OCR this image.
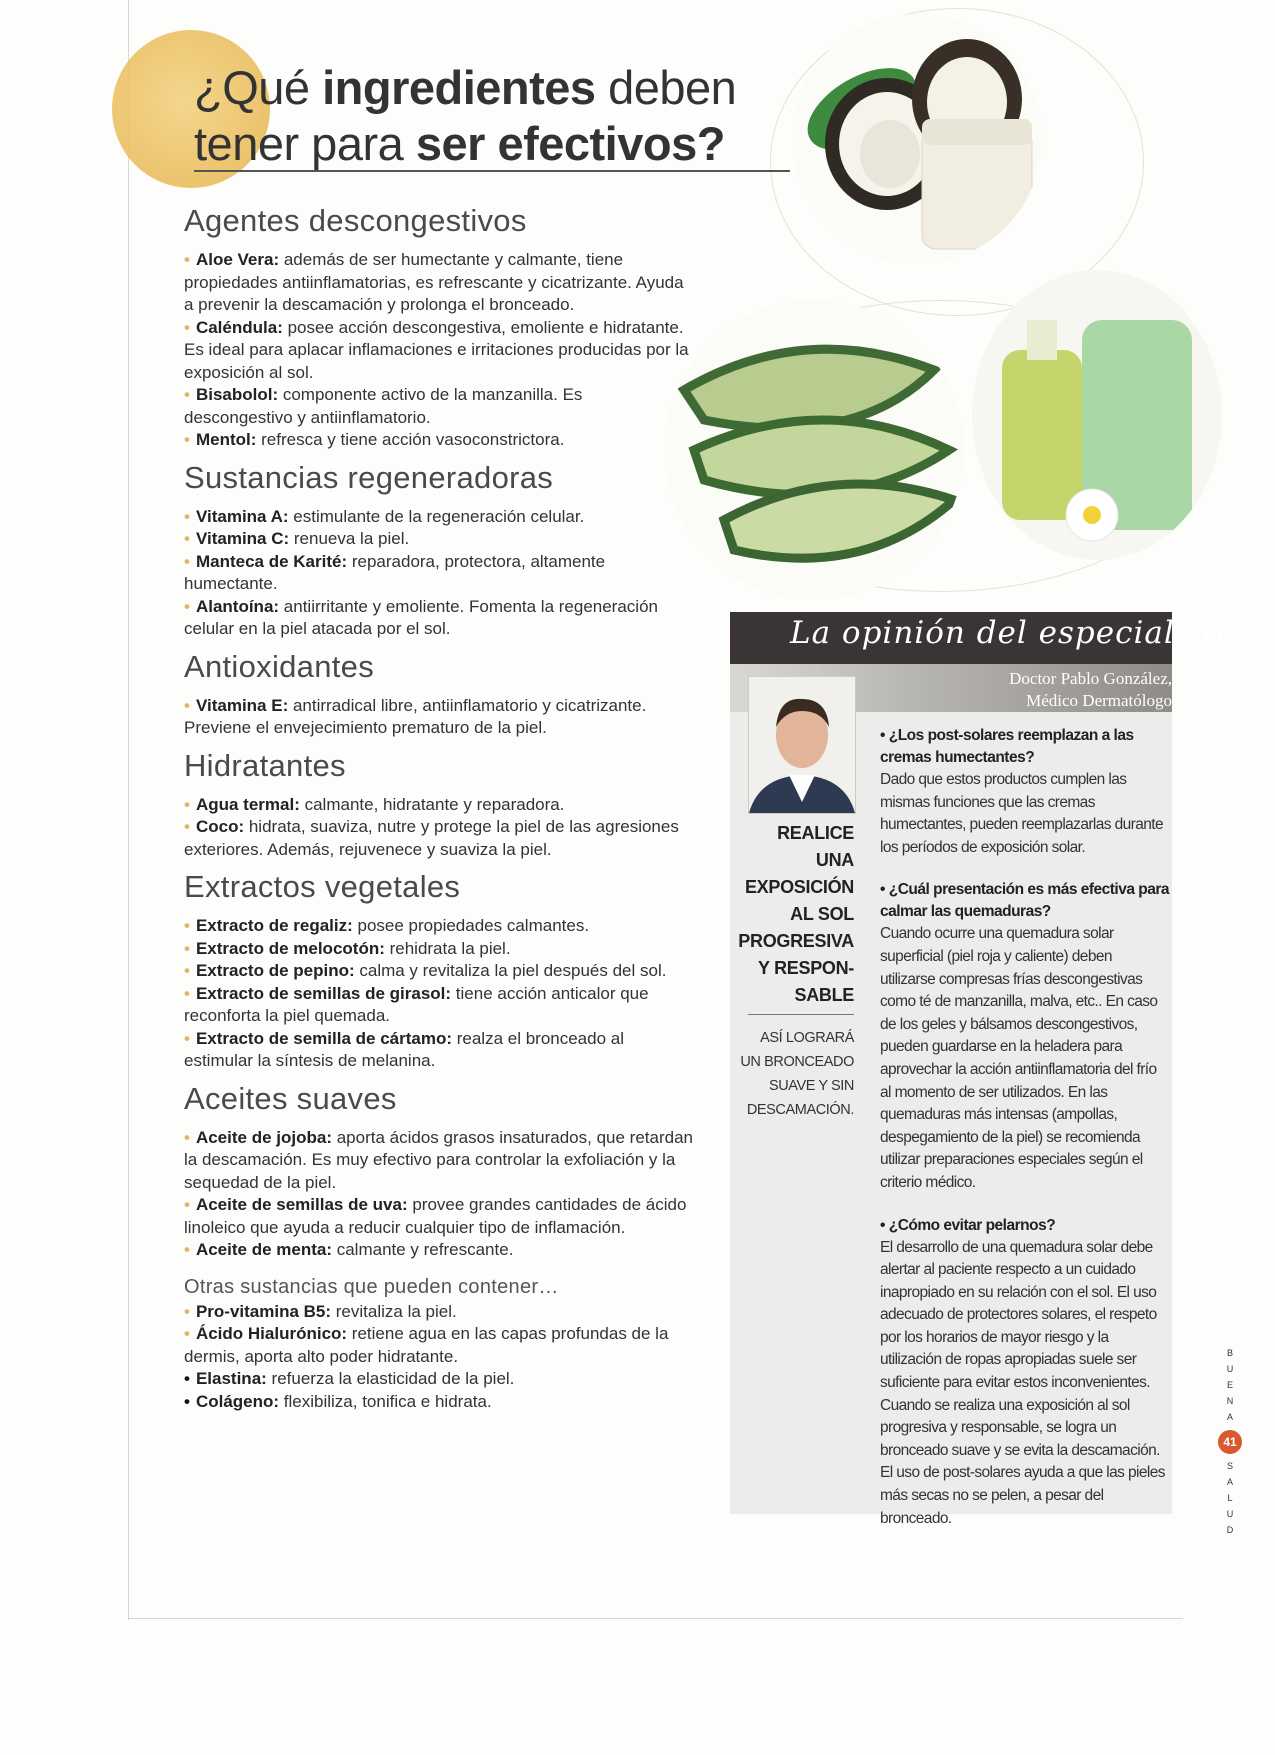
¿Qué ingredientes deben
tener para ser efectivos?
Agentes descongestivos

• Aloe Vera: además de ser humectante y calmante, tiene propiedades antiinflamatorias, es refrescante y cicatrizante. Ayuda a prevenir la descamación y prolonga el bronceado.

• Caléndula: posee acción descongestiva, emoliente e hidratante. Es ideal para aplacar inflamaciones e irritaciones producidas por la exposición al sol.

• Bisabolol: componente activo de la manzanilla. Es descongestivo y antiinflamatorio.

• Mentol: refresca y tiene acción vasoconstrictora.

Sustancias regeneradoras

• Vitamina A: estimulante de la regeneración celular.

• Vitamina C: renueva la piel.

• Manteca de Karité: reparadora, protectora, altamente humectante.

• Alantoína: antiirritante y emoliente. Fomenta la regeneración celular en la piel atacada por el sol.

Antioxidantes

• Vitamina E: antirradical libre, antiinflamatorio y cicatrizante. Previene el envejecimiento prematuro de la piel.

Hidratantes

• Agua termal: calmante, hidratante y reparadora.

• Coco: hidrata, suaviza, nutre y protege la piel de las agresiones exteriores. Además, rejuvenece y suaviza la piel.

Extractos vegetales

• Extracto de regaliz: posee propiedades calmantes.

• Extracto de melocotón: rehidrata la piel.

• Extracto de pepino: calma y revitaliza la piel después del sol.

• Extracto de semillas de girasol: tiene acción anticalor que reconforta la piel quemada.

• Extracto de semilla de cártamo: realza el bronceado al estimular la síntesis de melanina.

Aceites suaves

• Aceite de jojoba: aporta ácidos grasos insaturados, que retardan la descamación. Es muy efectivo para controlar la exfoliación y la sequedad de la piel.

• Aceite de semillas de uva: provee grandes cantidades de ácido linoleico que ayuda a reducir cualquier tipo de inflamación.

• Aceite de menta: calmante y refrescante.

Otras sustancias que pueden contener…

• Pro-vitamina B5: revitaliza la piel.

• Ácido Hialurónico: retiene agua en las capas profundas de la dermis, aporta alto poder hidratante.

• Elastina: refuerza la elasticidad de la piel.

• Colágeno: flexibiliza, tonifica e hidrata.

La opinión del especialista
Doctor Pablo González,
Médico Dermatólogo
REALICE UNA EXPOSICIÓN AL SOL PROGRESIVA Y RESPON-SABLE
ASÍ LOGRARÁ UN BRONCEADO SUAVE Y SIN DESCAMACIÓN.
• ¿Los post-solares reemplazan a las cremas humectantes?

Dado que estos productos cumplen las mismas funciones que las cremas humectantes, pueden reemplazarlas durante los períodos de exposición solar.

• ¿Cuál presentación es más efectiva para calmar las quemaduras?

Cuando ocurre una quemadura solar superficial (piel roja y caliente) deben utilizarse compresas frías descongestivas como té de manzanilla, malva, etc.. En caso de los geles y bálsamos descongestivos, pueden guardarse en la heladera para aprovechar la acción antiinflamatoria del frío al momento de ser utilizados. En las quemaduras más intensas (ampollas, despegamiento de la piel) se recomienda utilizar preparaciones especiales según el criterio médico.

• ¿Cómo evitar pelarnos?

El desarrollo de una quemadura solar debe alertar al paciente respecto a un cuidado inapropiado en su relación con el sol. El uso adecuado de protectores solares, el respeto por los horarios de mayor riesgo y la utilización de ropas apropiadas suele ser suficiente para evitar estos inconvenientes.

Cuando se realiza una exposición al sol progresiva y responsable, se logra un bronceado suave y se evita la descamación. El uso de post-solares ayuda a que las pieles más secas no se pelen, a pesar del bronceado.

B
U
E
N
A
41
S
A
L
U
D
